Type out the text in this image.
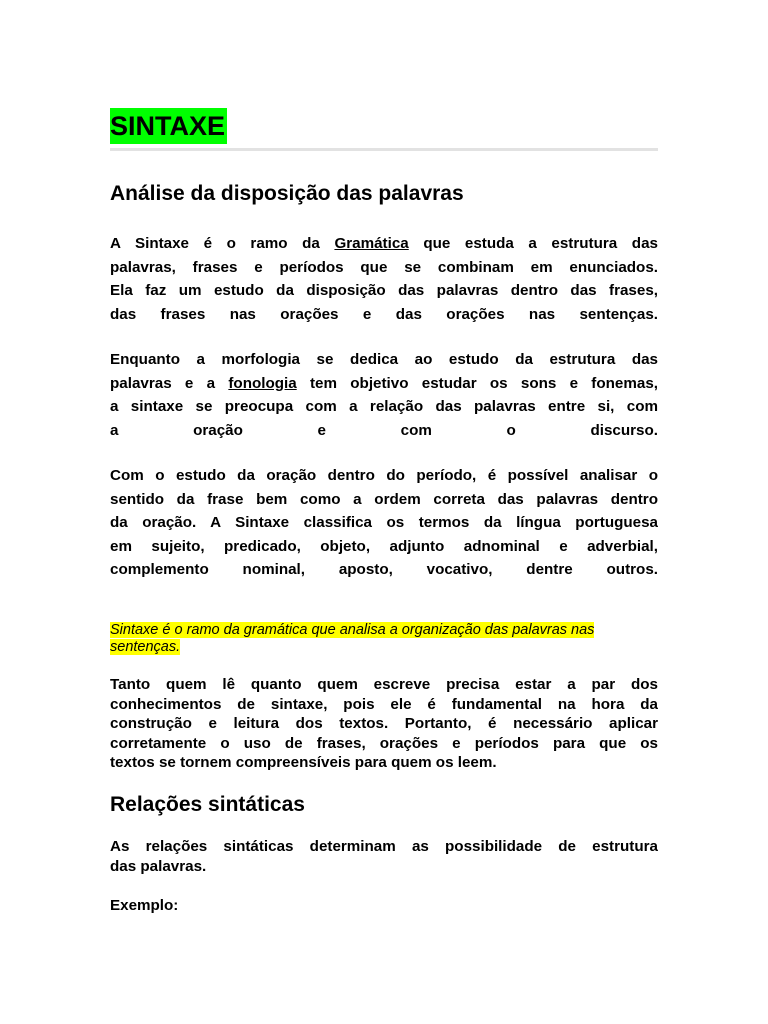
SINTAXE
Análise da disposição das palavras
A Sintaxe é o ramo da Gramática que estuda a estrutura das
palavras, frases e períodos que se combinam em enunciados.
Ela faz um estudo da disposição das palavras dentro das frases,
das frases nas orações e das orações nas sentenças.
Enquanto a morfologia se dedica ao estudo da estrutura das
palavras e a fonologia tem objetivo estudar os sons e fonemas,
a sintaxe se preocupa com a relação das palavras entre si, com
a oração e com o discurso.
Com o estudo da oração dentro do período, é possível analisar o
sentido da frase bem como a ordem correta das palavras dentro
da oração. A Sintaxe classifica os termos da língua portuguesa
em sujeito, predicado, objeto, adjunto adnominal e adverbial,
complemento nominal, aposto, vocativo, dentre outros.
Sintaxe é o ramo da gramática que analisa a organização das palavras nas
sentenças.
Tanto quem lê quanto quem escreve precisa estar a par dos
conhecimentos de sintaxe, pois ele é fundamental na hora da
construção e leitura dos textos. Portanto, é necessário aplicar
corretamente o uso de frases, orações e períodos para que os
textos se tornem compreensíveis para quem os leem.
Relações sintáticas
As relações sintáticas determinam as possibilidade de estrutura
das palavras.
Exemplo:
